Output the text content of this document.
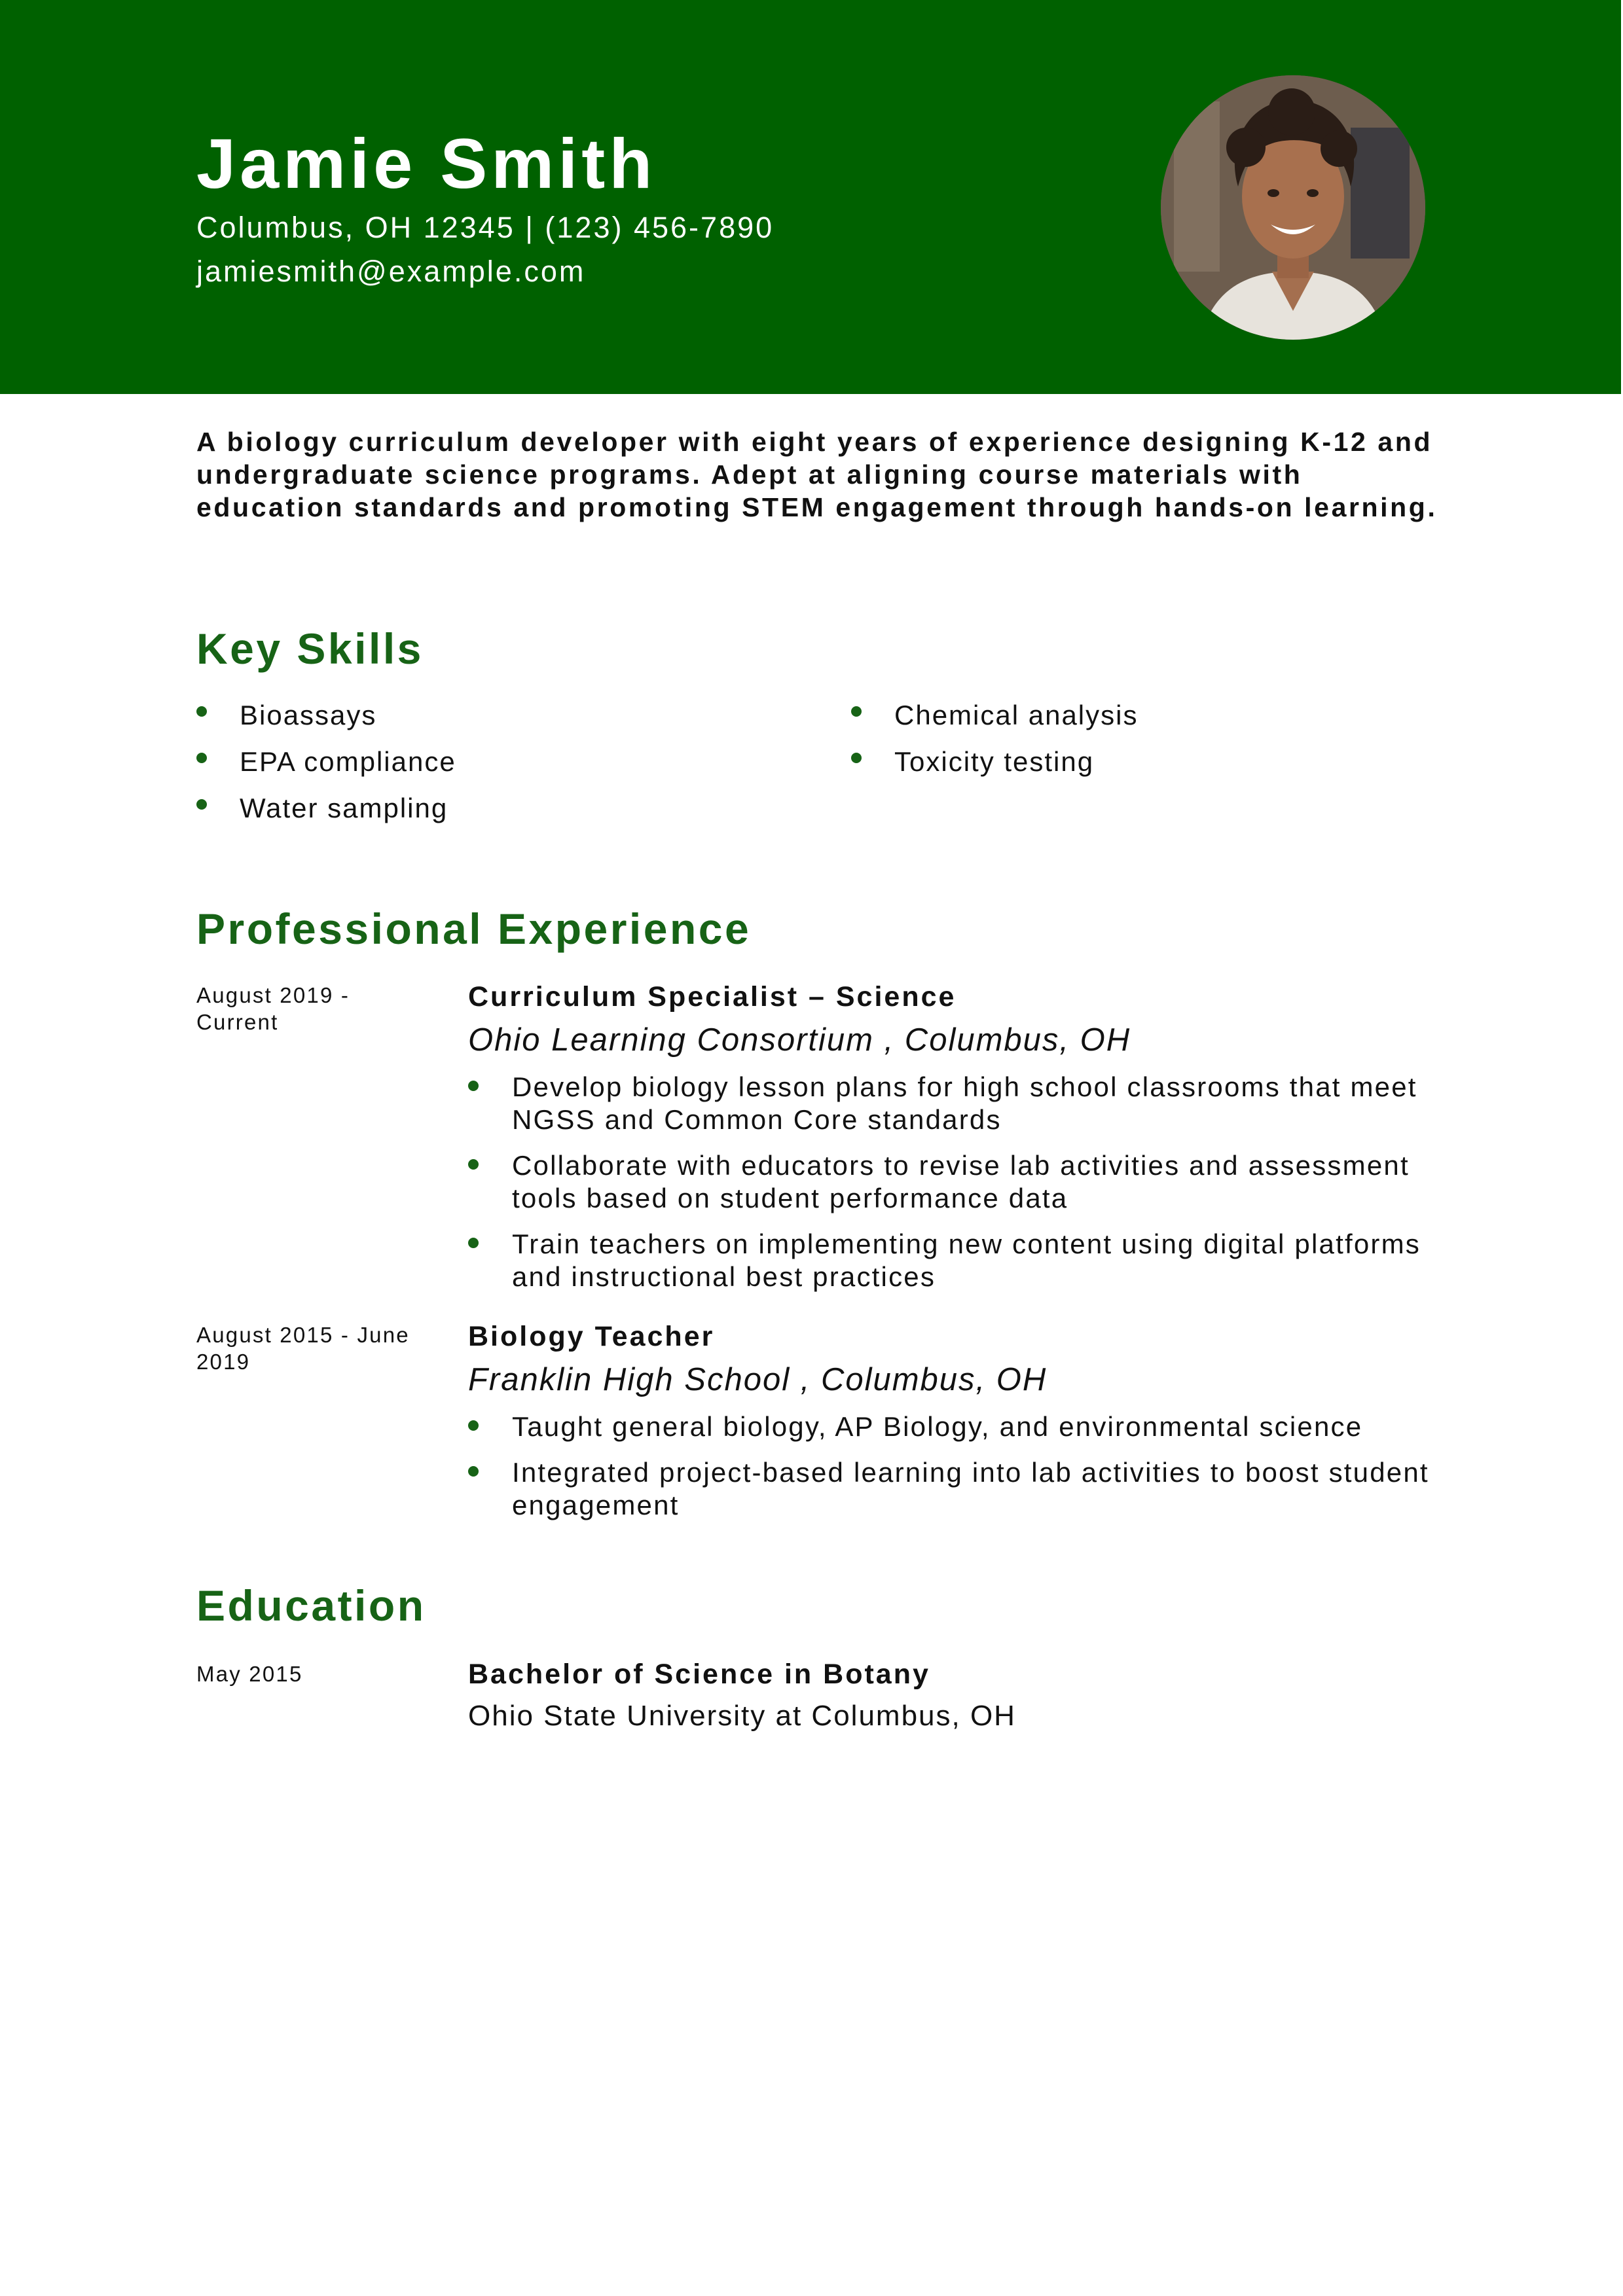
Jamie Smith
Columbus, OH 12345 | (123) 456-7890
jamiesmith@example.com

A biology curriculum developer with eight years of experience designing K-12 and undergraduate science programs. Adept at aligning course materials with education standards and promoting STEM engagement through hands-on learning.

Key Skills
Bioassays
EPA compliance
Water sampling
Chemical analysis
Toxicity testing
Professional Experience
August 2019 - Current
Curriculum Specialist – Science
Ohio Learning Consortium , Columbus, OH
Develop biology lesson plans for high school classrooms that meet NGSS and Common Core standards
Collaborate with educators to revise lab activities and assessment tools based on student performance data
Train teachers on implementing new content using digital platforms and instructional best practices
August 2015 - June 2019
Biology Teacher
Franklin High School , Columbus, OH
Taught general biology, AP Biology, and environmental science
Integrated project-based learning into lab activities to boost student engagement
Education
May 2015	Bachelor of Science in Botany
Ohio State University at Columbus, OH
